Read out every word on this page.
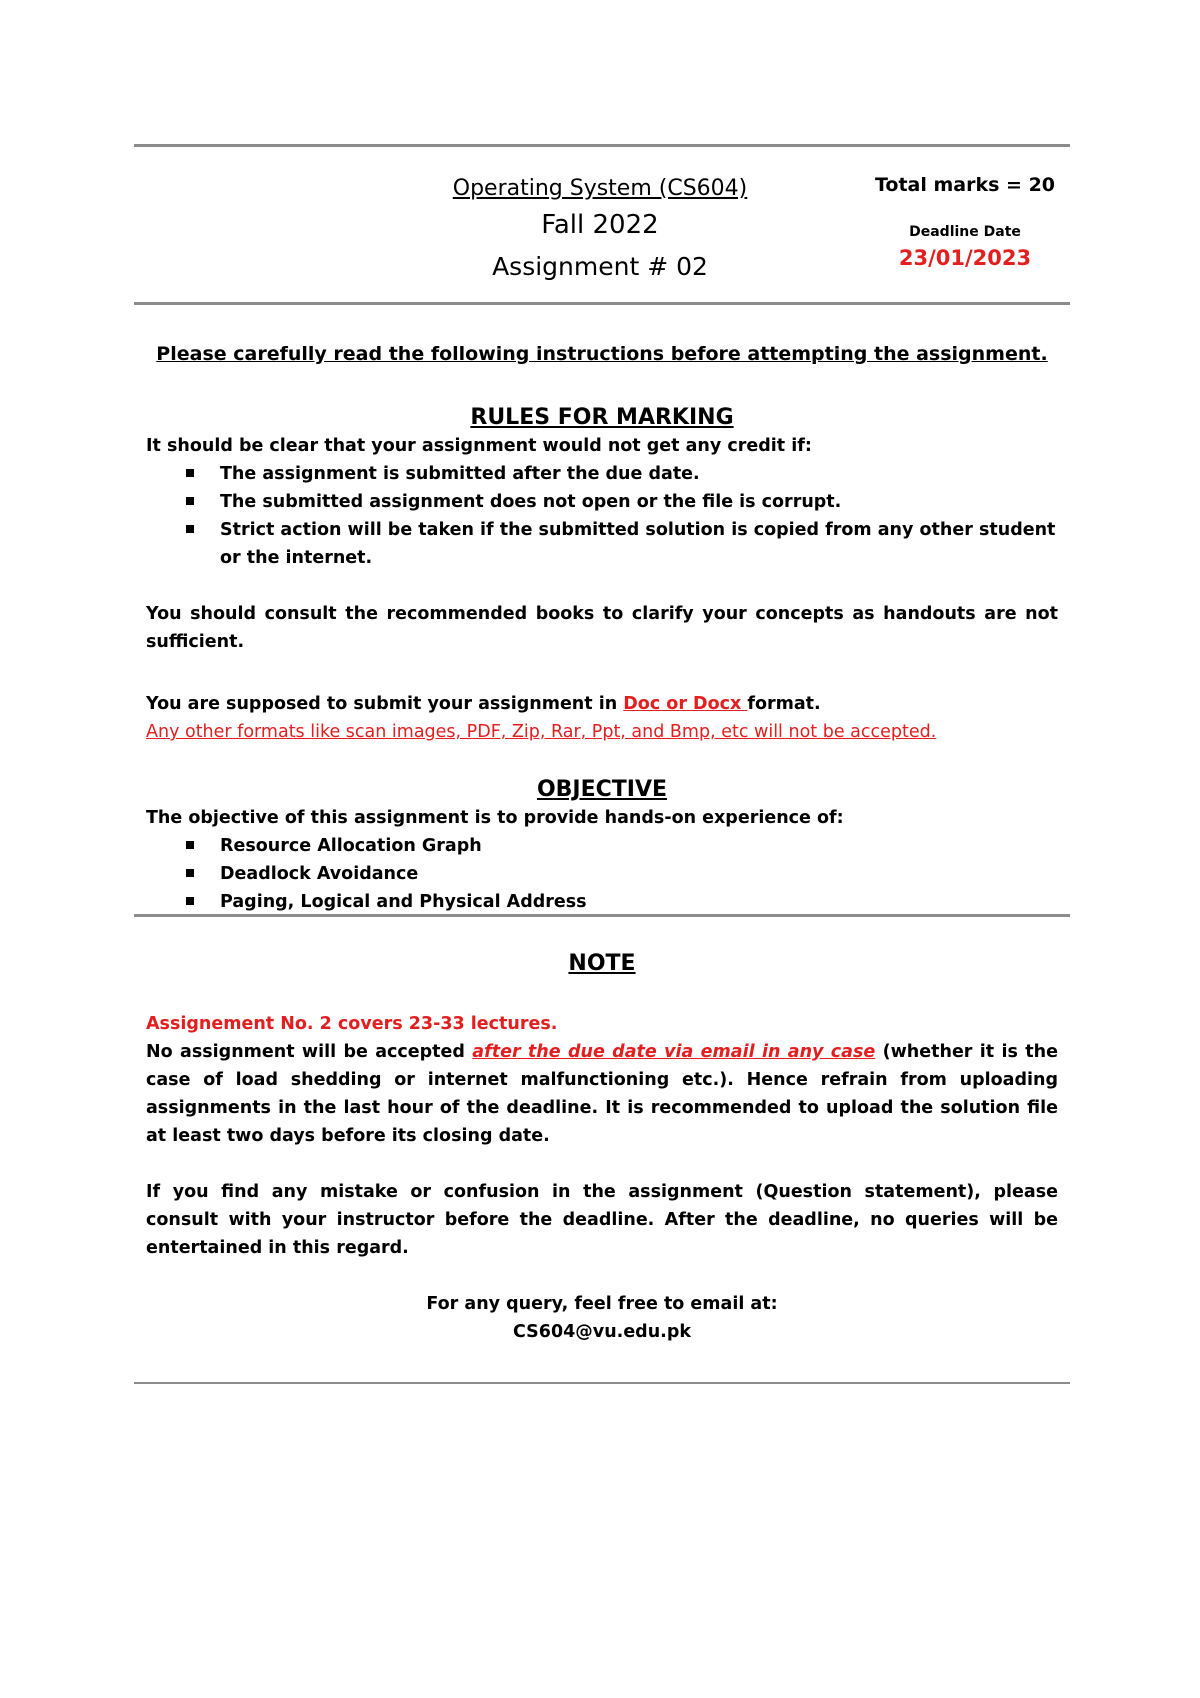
Operating System (CS604)
Fall 2022
Assignment # 02
Total marks = 20
Deadline Date
23/01/2023
Please carefully read the following instructions before attempting the assignment.
RULES FOR MARKING
It should be clear that your assignment would not get any credit if:
The assignment is submitted after the due date.
The submitted assignment does not open or the file is corrupt.
Strict action will be taken if the submitted solution is copied from any other student or the internet.
You should consult the recommended books to clarify your concepts as handouts are not sufficient.
You are supposed to submit your assignment in Doc or Docx format.
Any other formats like scan images, PDF, Zip, Rar, Ppt, and Bmp, etc will not be accepted.
OBJECTIVE
The objective of this assignment is to provide hands-on experience of:
Resource Allocation Graph
Deadlock Avoidance
Paging, Logical and Physical Address
NOTE
Assignement No. 2 covers 23-33 lectures.
No assignment will be accepted after the due date via email in any case (whether it is the case of load shedding or internet malfunctioning etc.). Hence refrain from uploading assignments in the last hour of the deadline. It is recommended to upload the solution file at least two days before its closing date.
If you find any mistake or confusion in the assignment (Question statement), please consult with your instructor before the deadline. After the deadline, no queries will be entertained in this regard.
For any query, feel free to email at:
CS604@vu.edu.pk
